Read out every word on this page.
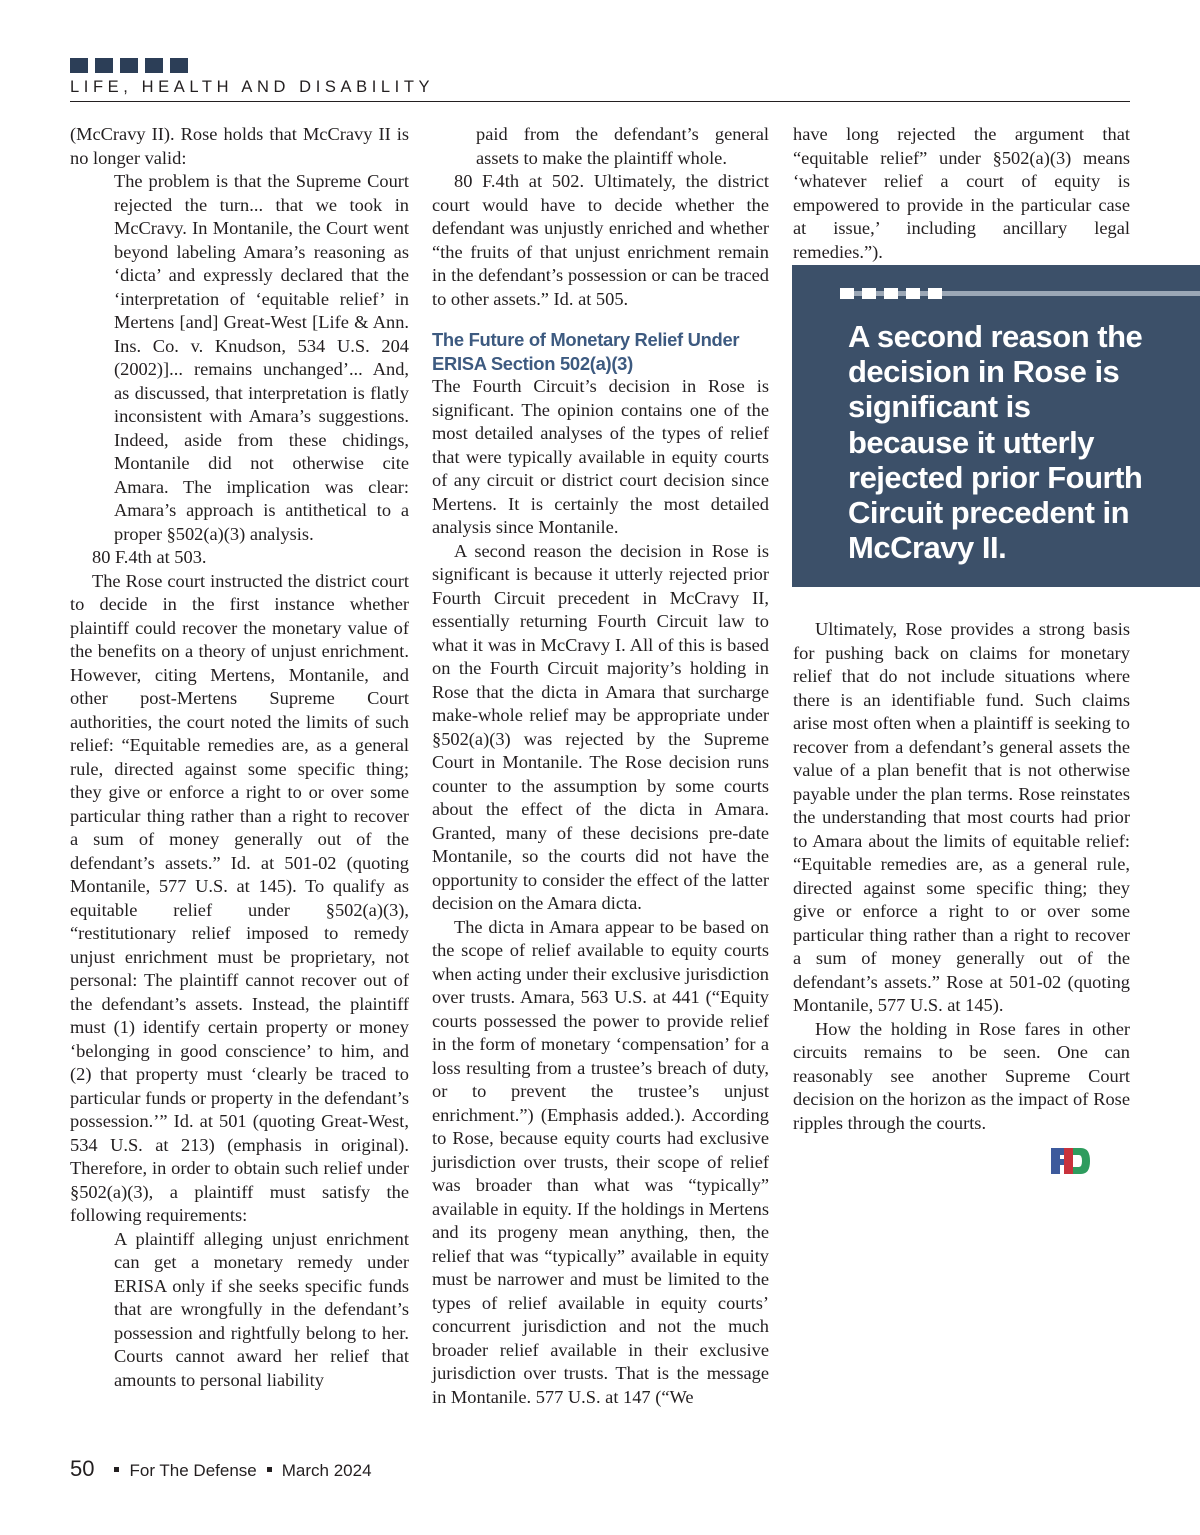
LIFE, HEALTH AND DISABILITY

(McCravy II). Rose holds that McCravy II is no longer valid:

The problem is that the Supreme Court rejected the turn... that we took in McCravy. In Montanile, the Court went beyond labeling Amara’s reasoning as ‘dicta’ and expressly declared that the ‘interpretation of ‘equitable relief’ in Mertens [and] Great-West [Life & Ann. Ins. Co. v. Knudson, 534 U.S. 204 (2002)]... remains unchanged’... And, as discussed, that interpretation is flatly inconsistent with Amara’s suggestions. Indeed, aside from these chidings, Montanile did not otherwise cite Amara. The implication was clear: Amara’s approach is antithetical to a proper §502(a)(3) analysis.

80 F.4th at 503.

The Rose court instructed the district court to decide in the first instance whether plaintiff could recover the monetary value of the benefits on a theory of unjust enrichment. However, citing Mertens, Montanile, and other post-Mertens Supreme Court authorities, the court noted the limits of such relief: “Equitable remedies are, as a general rule, directed against some specific thing; they give or enforce a right to or over some particular thing rather than a right to recover a sum of money generally out of the defendant’s assets.” Id. at 501-02 (quoting Montanile, 577 U.S. at 145). To qualify as equitable relief under §502(a)(3), “restitutionary relief imposed to remedy unjust enrichment must be proprietary, not personal: The plaintiff cannot recover out of the defendant’s assets. Instead, the plaintiff must (1) identify certain property or money ‘belonging in good conscience’ to him, and (2) that property must ‘clearly be traced to particular funds or property in the defendant’s possession.’” Id. at 501 (quoting Great-West, 534 U.S. at 213) (emphasis in original). Therefore, in order to obtain such relief under §502(a)(3), a plaintiff must satisfy the following requirements:

A plaintiff alleging unjust enrichment can get a monetary remedy under ERISA only if she seeks specific funds that are wrongfully in the defendant’s possession and rightfully belong to her. Courts cannot award her relief that amounts to personal liability

paid from the defendant’s general assets to make the plaintiff whole.

80 F.4th at 502. Ultimately, the district court would have to decide whether the defendant was unjustly enriched and whether “the fruits of that unjust enrichment remain in the defendant’s possession or can be traced to other assets.” Id. at 505.

The Future of Monetary Relief Under ERISA Section 502(a)(3)

The Fourth Circuit’s decision in Rose is significant. The opinion contains one of the most detailed analyses of the types of relief that were typically available in equity courts of any circuit or district court decision since Mertens. It is certainly the most detailed analysis since Montanile.

A second reason the decision in Rose is significant is because it utterly rejected prior Fourth Circuit precedent in McCravy II, essentially returning Fourth Circuit law to what it was in McCravy I. All of this is based on the Fourth Circuit majority’s holding in Rose that the dicta in Amara that surcharge make-whole relief may be appropriate under §502(a)(3) was rejected by the Supreme Court in Montanile. The Rose decision runs counter to the assumption by some courts about the effect of the dicta in Amara. Granted, many of these decisions pre-date Montanile, so the courts did not have the opportunity to consider the effect of the latter decision on the Amara dicta.

The dicta in Amara appear to be based on the scope of relief available to equity courts when acting under their exclusive jurisdiction over trusts. Amara, 563 U.S. at 441 (“Equity courts possessed the power to provide relief in the form of monetary ‘compensation’ for a loss resulting from a trustee’s breach of duty, or to prevent the trustee’s unjust enrichment.”) (Emphasis added.). According to Rose, because equity courts had exclusive jurisdiction over trusts, their scope of relief was broader than what was “typically” available in equity. If the holdings in Mertens and its progeny mean anything, then, the relief that was “typically” available in equity must be narrower and must be limited to the types of relief available in equity courts’ concurrent jurisdiction and not the much broader relief available in their exclusive jurisdiction over trusts. That is the message in Montanile. 577 U.S. at 147 (“We

have long rejected the argument that “equitable relief” under §502(a)(3) means ‘whatever relief a court of equity is empowered to provide in the particular case at issue,’ including ancillary legal remedies.”).

A second reason the decision in Rose is significant is because it utterly rejected prior Fourth Circuit precedent in McCravy II.

Ultimately, Rose provides a strong basis for pushing back on claims for monetary relief that do not include situations where there is an identifiable fund. Such claims arise most often when a plaintiff is seeking to recover from a defendant’s general assets the value of a plan benefit that is not otherwise payable under the plan terms. Rose reinstates the understanding that most courts had prior to Amara about the limits of equitable relief: “Equitable remedies are, as a general rule, directed against some specific thing; they give or enforce a right to or over some particular thing rather than a right to recover a sum of money generally out of the defendant’s assets.” Rose at 501-02 (quoting Montanile, 577 U.S. at 145).

How the holding in Rose fares in other circuits remains to be seen. One can reasonably see another Supreme Court decision on the horizon as the impact of Rose ripples through the courts.

50 For The Defense March 2024
